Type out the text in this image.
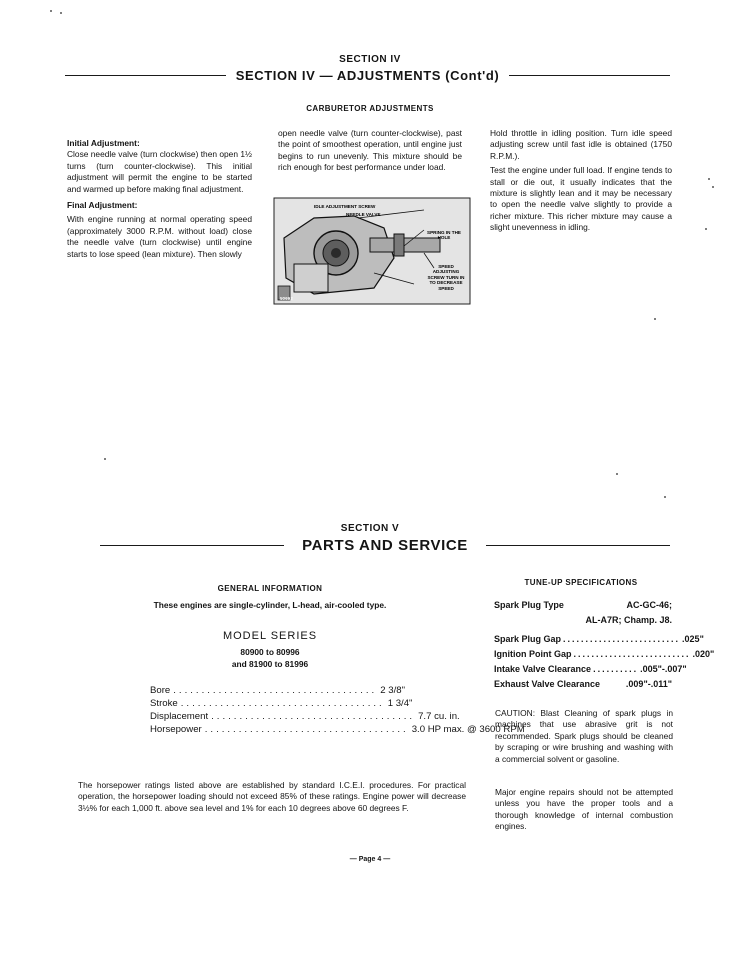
SECTION IV
SECTION IV — ADJUSTMENTS (Cont'd)
CARBURETOR ADJUSTMENTS

Initial Adjustment:

Close needle valve (turn clockwise) then open 1½ turns (turn counter-clockwise). This initial adjustment will permit the engine to be started and warmed up before making final adjustment.

Final Adjustment:

With engine running at normal operating speed (approximately 3000 R.P.M. without load) close the needle valve (turn clockwise) until engine starts to lose speed (lean mixture). Then slowly

open needle valve (turn counter-clockwise), past the point of smoothest operation, until engine just begins to run unevenly. This mixture should be rich enough for best performance under load.

IDLE ADJUSTMENT SCREW
NEEDLE VALVE
SPRING IN THE HOLE
SPEED ADJUSTING SCREW TURN IN TO DECREASE SPEED
50692

Hold throttle in idling position. Turn idle speed adjusting screw until fast idle is obtained (1750 R.P.M.).

Test the engine under full load. If engine tends to stall or die out, it usually indicates that the mixture is slightly lean and it may be necessary to open the needle valve slightly to provide a richer mixture. This richer mixture may cause a slight unevenness in idling.

SECTION V
PARTS AND SERVICE
GENERAL INFORMATION
These engines are single-cylinder, L-head, air-cooled type.
MODEL SERIES
80900 to 80996
and 81900 to 81996
Bore .................................... 2 3/8"
Stroke .................................... 1 3/4"
Displacement .................................... 7.7 cu. in.
Horsepower .................................... 3.0 HP max. @ 3600 RPM

The horsepower ratings listed above are established by standard I.C.E.I. procedures. For practical operation, the horsepower loading should not exceed 85% of these ratings. Engine power will decrease 3½% for each 1,000 ft. above sea level and 1% for each 10 degrees above 60 degrees F.

TUNE-UP SPECIFICATIONS
Spark Plug Type	AC-GC-46;
AL-A7R; Champ. J8.
Spark Plug Gap .......................... .025"
Ignition Point Gap .......................... .020"
Intake Valve Clearance .......... .005"-.007"
Exhaust Valve Clearance	.009"-.011"

CAUTION: Blast Cleaning of spark plugs in machines that use abrasive grit is not recommended. Spark plugs should be cleaned by scraping or wire brushing and washing with a commercial solvent or gasoline.

Major engine repairs should not be attempted unless you have the proper tools and a thorough knowledge of internal combustion engines.

— Page 4 —
